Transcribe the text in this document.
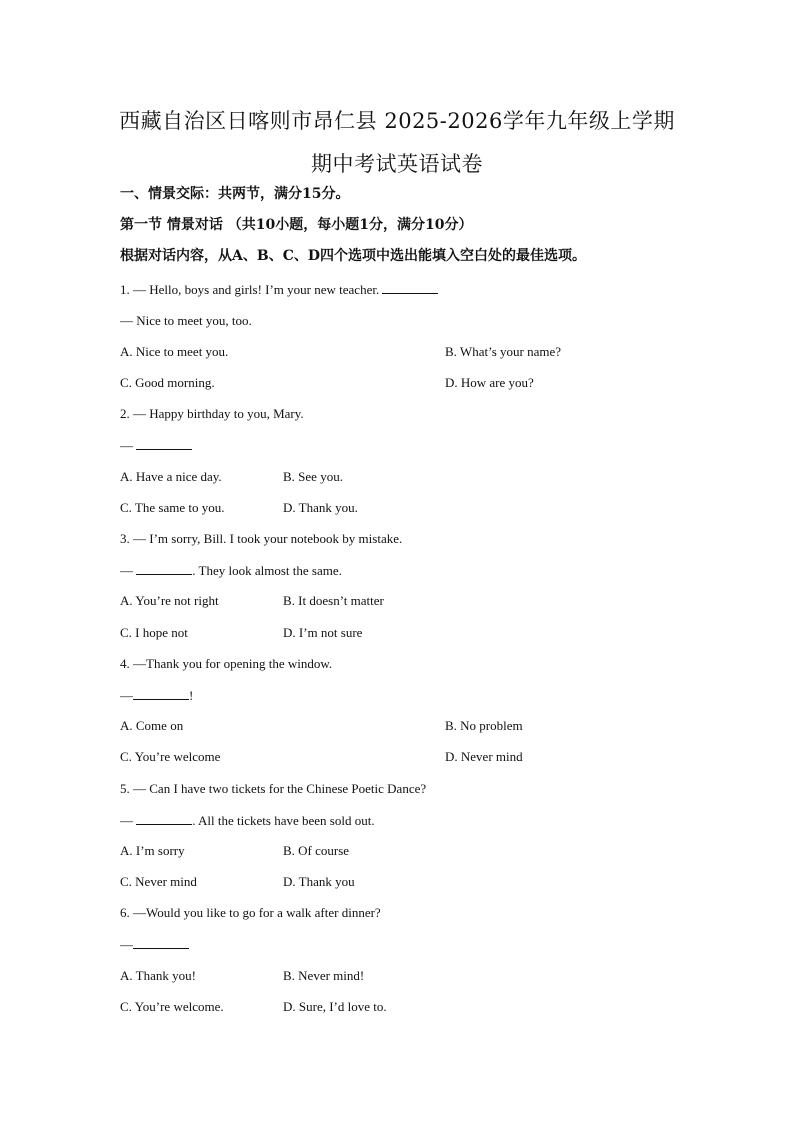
西藏自治区日喀则市昂仁县 2025-2026学年九年级上学期
期中考试英语试卷
一、情景交际：共两节，满分15分。
第一节 情景对话 （共10小题，每小题1分，满分10分）
根据对话内容，从A、B、C、D四个选项中选出能填入空白处的最佳选项。
1. — Hello, boys and girls! I’m your new teacher.
— Nice to meet you, too.
A. Nice to meet you.	B. What’s your name?
C. Good morning.	D. How are you?
2. — Happy birthday to you, Mary.
—
A. Have a nice day.	B. See you.
C. The same to you.	D. Thank you.
3. — I’m sorry, Bill. I took your notebook by mistake.
—	. They look almost the same.
A. You’re not right	B. It doesn’t matter
C. I hope not	D. I’m not sure
4. —Thank you for opening the window.
—	!
A. Come on	B. No problem
C. You’re welcome	D. Never mind
5. — Can I have two tickets for the Chinese Poetic Dance?
—	. All the tickets have been sold out.
A. I’m sorry	B. Of course
C. Never mind	D. Thank you
6. —Would you like to go for a walk after dinner?
—
A. Thank you!	B. Never mind!
C. You’re welcome.	D. Sure, I’d love to.
